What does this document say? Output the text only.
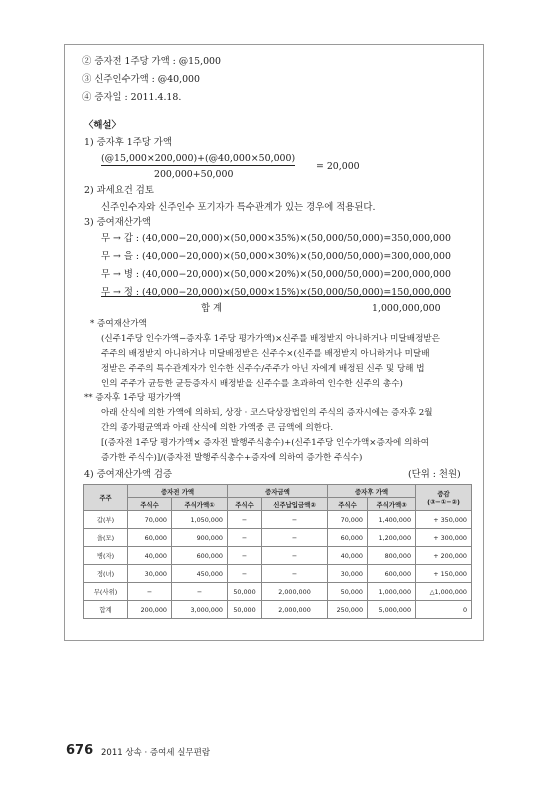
② 증자전 1주당 가액 : @15,000
③ 신주인수가액 : @40,000
④ 증자일 : 2011.4.18.
〈해설〉
1) 증자후 1주당 가액
(@15,000×200,000)+(@40,000×50,000)
= 20,000
200,000+50,000
2) 과세요건 검토
신주인수자와 신주인수 포기자가 특수관계가 있는 경우에 적용된다.
3) 증여재산가액
무 → 갑 : (40,000−20,000)×(50,000×35%)×(50,000/50,000)=350,000,000
무 → 을 : (40,000−20,000)×(50,000×30%)×(50,000/50,000)=300,000,000
무 → 병 : (40,000−20,000)×(50,000×20%)×(50,000/50,000)=200,000,000
무 → 정 : (40,000−20,000)×(50,000×15%)×(50,000/50,000)=150,000,000
합 계	1,000,000,000
* 증여재산가액
(신주1주당 인수가액−증자후 1주당 평가가액)×신주를 배정받지 아니하거나 미달배정받은
주주의 배정받지 아니하거나 미달배정받은 신주수×(신주를 배정받지 아니하거나 미달배
정받은 주주의 특수관계자가 인수한 신주수/주주가 아닌 자에게 배정된 신주 및 당해 법
인의 주주가 균등한 균등증자시 배정받을 신주수를 초과하여 인수한 신주의 총수)
** 증자후 1주당 평가가액
아래 산식에 의한 가액에 의하되, 상장 · 코스닥상장법인의 주식의 증자시에는 증자후 2월
간의 종가평균액과 아래 산식에 의한 가액중 큰 금액에 의한다.
[(증자전 1주당 평가가액× 증자전 발행주식총수)+(신주1주당 인수가액×증자에 의하여
증가한 주식수)]/(증자전 발행주식총수+증자에 의하여 증가한 주식수)
4) 증여재산가액 검증	(단위 : 천원)
주주	증자전 가액		증자금액		증자후 가액		증감
(③−①−②)

	주식수	주식가액①	주식수	신주납입금액②	주식수	주식가액③	
갑(부)	70,000	1,050,000	−	−	70,000	1,400,000	+ 350,000
을(모)	60,000	900,000	−	−	60,000	1,200,000	+ 300,000
병(자)	40,000	600,000	−	−	40,000	800,000	+ 200,000
정(녀)	30,000	450,000	−	−	30,000	600,000	+ 150,000
무(사위)	−	−	50,000	2,000,000	50,000	1,000,000	△1,000,000
합계	200,000	3,000,000	50,000	2,000,000	250,000	5,000,000	0
676 2011 상속 · 증여세 실무편람
